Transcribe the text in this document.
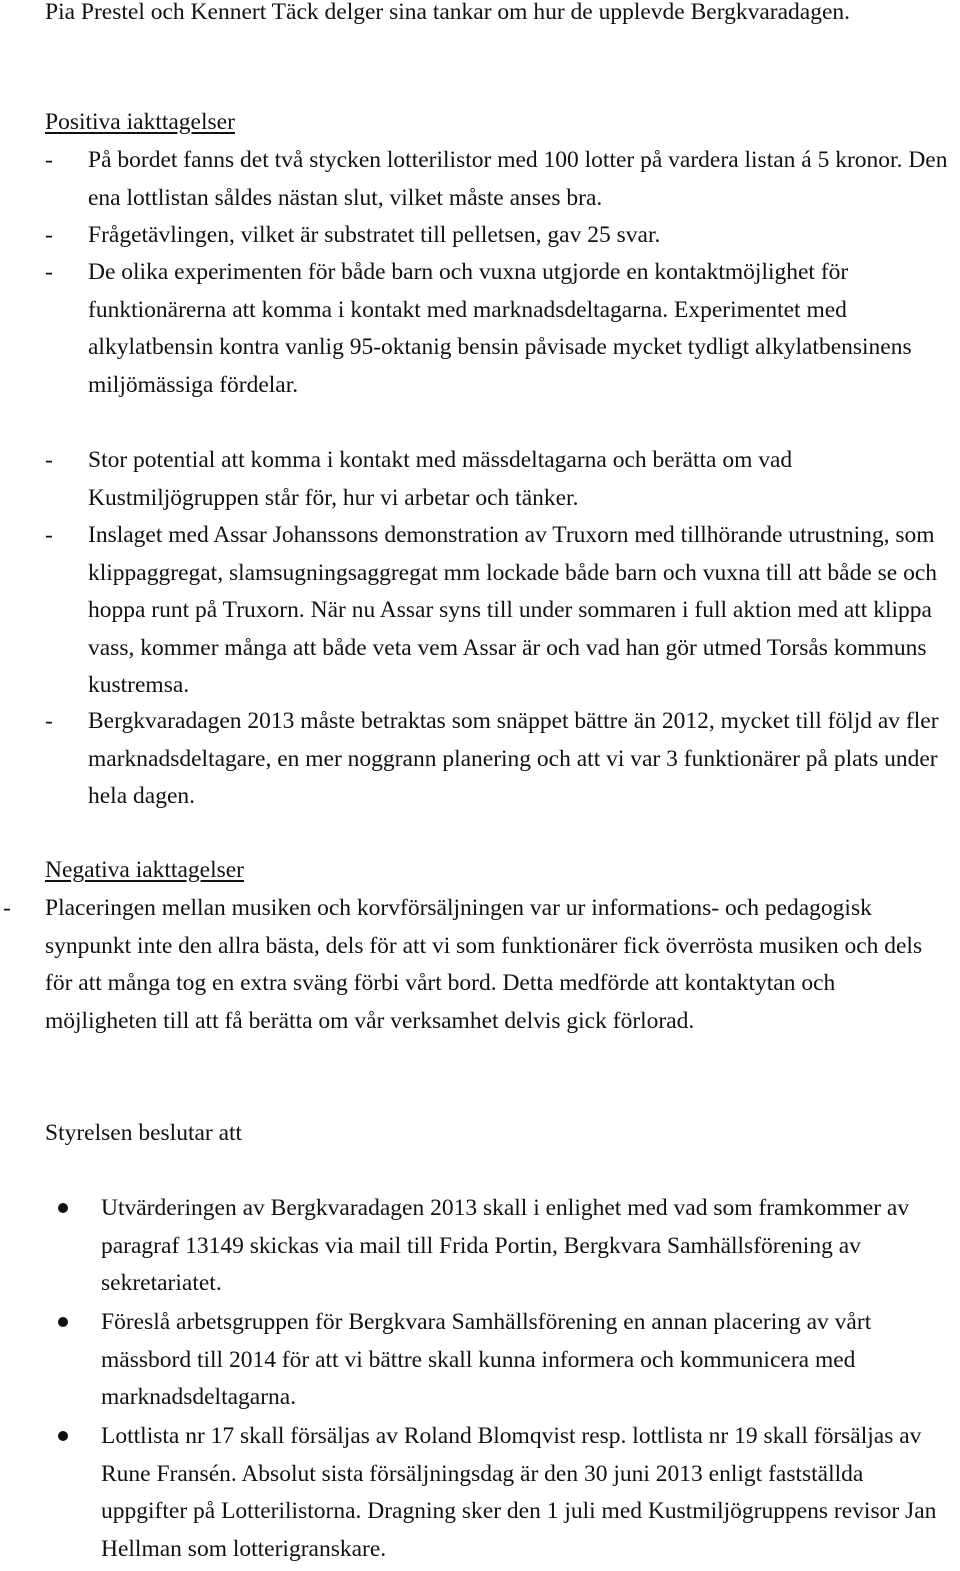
Pia Prestel och Kennert Täck delger sina tankar om hur de upplevde Bergkvaradagen.

Positiva iakttagelser
- På bordet fanns det två stycken lotterilistor med 100 lotter på vardera listan á 5 kronor. Den ena lottlistan såldes nästan slut, vilket måste anses bra.
- Frågetävlingen, vilket är substratet till pelletsen, gav 25 svar.
- De olika experimenten för både barn och vuxna utgjorde en kontaktmöjlighet för funktionärerna att komma i kontakt med marknadsdeltagarna. Experimentet med alkylatbensin kontra vanlig 95-oktanig bensin påvisade mycket tydligt alkylatbensinens miljömässiga fördelar.
- Stor potential att komma i kontakt med mässdeltagarna och berätta om vad Kustmiljögruppen står för, hur vi arbetar och tänker.
- Inslaget med Assar Johanssons demonstration av Truxorn med tillhörande utrustning, som klippaggregat, slamsugningsaggregat mm lockade både barn och vuxna till att både se och hoppa runt på Truxorn. När nu Assar syns till under sommaren i full aktion med att klippa vass, kommer många att både veta vem Assar är och vad han gör utmed Torsås kommuns kustremsa.
- Bergkvaradagen 2013 måste betraktas som snäppet bättre än 2012, mycket till följd av fler marknadsdeltagare, en mer noggrann planering och att vi var 3 funktionärer på plats under hela dagen.
Negativa iakttagelser
- Placeringen mellan musiken och korvförsäljningen var ur informations- och pedagogisk synpunkt inte den allra bästa, dels för att vi som funktionärer fick överrösta musiken och dels för att många tog en extra sväng förbi vårt bord. Detta medförde att kontaktytan och möjligheten till att få berätta om vår verksamhet delvis gick förlorad.
Styrelsen beslutar att
Utvärderingen av Bergkvaradagen 2013 skall i enlighet med vad som framkommer av paragraf 13149 skickas via mail till Frida Portin, Bergkvara Samhällsförening av sekretariatet.
Föreslå arbetsgruppen för Bergkvara Samhällsförening en annan placering av vårt mässbord till 2014 för att vi bättre skall kunna informera och kommunicera med marknadsdeltagarna.
Lottlista nr 17 skall försäljas av Roland Blomqvist resp. lottlista nr 19 skall försäljas av Rune Fransén. Absolut sista försäljningsdag är den 30 juni 2013 enligt fastställda uppgifter på Lotterilistorna. Dragning sker den 1 juli med Kustmiljögruppens revisor Jan Hellman som lotterigranskare.
